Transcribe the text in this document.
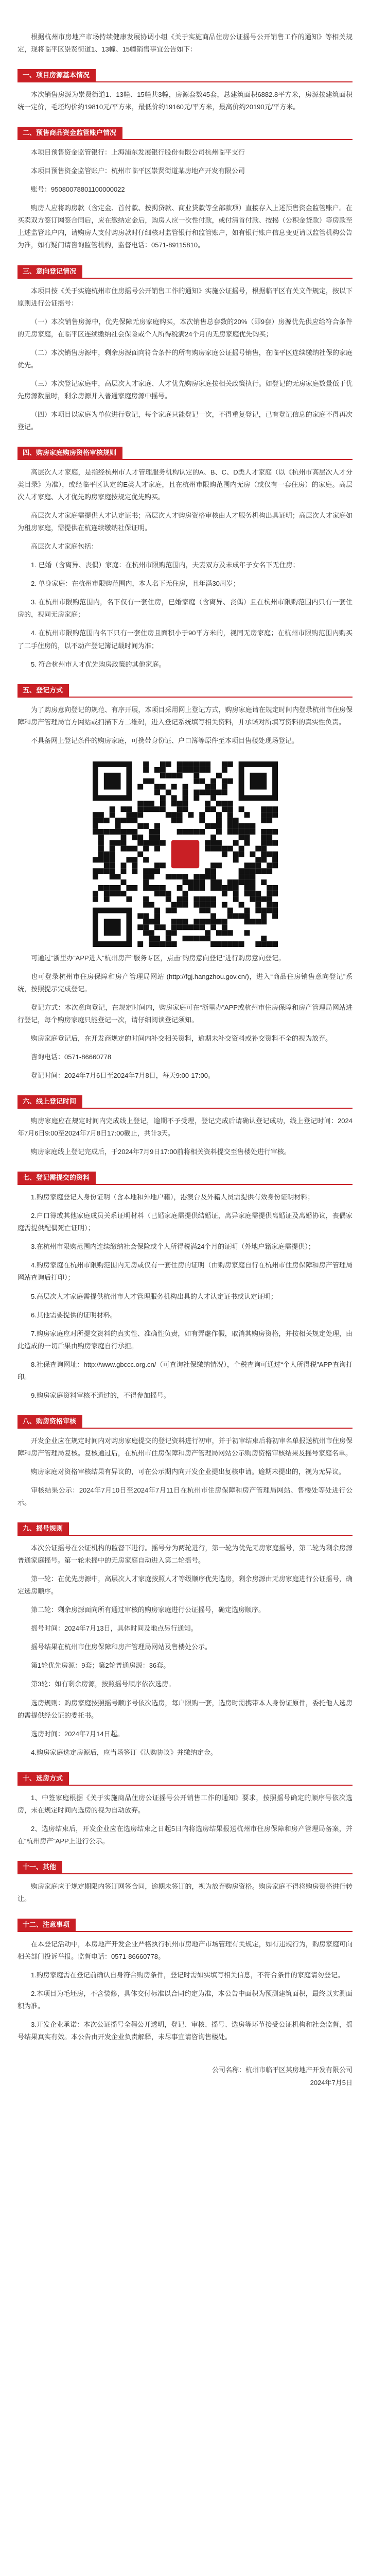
根据杭州市房地产市场持续健康发展协调小组《关于实施商品住房公证摇号公开销售工作的通知》等相关规定，现将临平区崇贤街道1、13幢、15幢销售事宜公告如下：

一、项目房源基本情况

本次销售房源为崇贤街道1、13幢、15幢共3幢，房源套数45套，总建筑面积6882.8平方米，房源按建筑面积统一定价，毛坯均价约19810元/平方米，最低价约19160元/平方米，最高价约20190元/平方米。

二、预售商品资金监管账户情况

本项目预售资金监管银行：上海浦东发展银行股份有限公司杭州临平支行

本项目预售资金监管账户：杭州市临平区崇贤街道某房地产开发有限公司

账号：95080078801100000022

购房人应将购房款（含定金、首付款、按揭贷款、商业贷款等全部款项）直接存入上述预售资金监管账户。在买卖双方签订网签合同后，应在缴纳定金后，购房人应一次性付款，或付清首付款、按揭（公积金贷款）等房款至上述监管账户内，请购房人支付购房款时仔细核对监管银行和监管账户，如有银行账户信息变更请以监管机构公告为准，如有疑问请咨询监管机构，监督电话：0571-89115810。

三、意向登记情况

本项目按《关于实施杭州市住房摇号公开销售工作的通知》实施公证摇号，根据临平区有关文件规定，按以下原则进行公证摇号：

（一）本次销售房源中，优先保障无房家庭购买，本次销售总套数的20%（即9套）房源优先供应给符合条件的无房家庭，在临平区连续缴纳社会保险或个人所得税满24个月的无房家庭优先购买；

（二）本次销售房源中，剩余房源面向符合条件的所有购房家庭公证摇号销售，在临平区连续缴纳社保的家庭优先。

（三）本次登记家庭中，高层次人才家庭、人才优先购房家庭按相关政策执行。如登记的无房家庭数量低于优先房源数量时，剩余房源并入普通家庭房源中摇号。

（四）本项目以家庭为单位进行登记，每个家庭只能登记一次，不得重复登记，已有登记信息的家庭不得再次登记。

四、购房家庭购房资格审核规则

高层次人才家庭，是指经杭州市人才管理服务机构认定的A、B、C、D类人才家庭（以《杭州市高层次人才分类目录》为准），或经临平区认定的E类人才家庭，且在杭州市限购范围内无房（或仅有一套住房）的家庭。高层次人才家庭、人才优先购房家庭按规定优先购买。

高层次人才家庭需提供人才认定证书；高层次人才购房资格审核由人才服务机构出具证明；高层次人才家庭如为租房家庭，需提供在杭连续缴纳社保证明。

高层次人才家庭包括：

1. 已婚（含离异、丧偶）家庭：在杭州市限购范围内，夫妻双方及未成年子女名下无住房；

2. 单身家庭：在杭州市限购范围内，本人名下无住房，且年满30周岁；

3. 在杭州市限购范围内，名下仅有一套住房，已婚家庭（含离异、丧偶）且在杭州市限购范围内只有一套住房的，视同无房家庭；

4. 在杭州市限购范围内名下只有一套住房且面积小于90平方米的，视同无房家庭；在杭州市限购范围内购买了二手住房的，以不动产登记簿记载时间为准；

5. 符合杭州市人才优先购房政策的其他家庭。

五、登记方式

为了购房意向登记的规范、有序开展，本项目采用网上登记方式，购房家庭请在规定时间内登录杭州市住房保障和房产管理局官方网站或扫描下方二维码，进入登记系统填写相关资料，并承诺对所填写资料的真实性负责。

不具备网上登记条件的购房家庭，可携带身份证、户口簿等原件至本项目售楼处现场登记。

可通过“浙里办”APP进入“杭州房产”服务专区，点击“购房意向登记”进行购房意向登记。

也可登录杭州市住房保障和房产管理局网站 (http://fgj.hangzhou.gov.cn/)，进入“商品住房销售意向登记”系统，按照提示完成登记。

登记方式：本次意向登记，在规定时间内，购房家庭可在“浙里办”APP或杭州市住房保障和房产管理局网站进行登记，每个购房家庭只能登记一次，请仔细阅读登记须知。

购房家庭登记后，在开发商规定的时间内补交相关资料，逾期未补交资料或补交资料不全的视为放弃。

咨询电话：0571-86660778

登记时间：2024年7月6日至2024年7月8日，每天9:00-17:00。

六、线上登记时间

购房家庭应在规定时间内完成线上登记，逾期不予受理，登记完成后请确认登记成功，线上登记时间：2024年7月6日9:00至2024年7月8日17:00截止，共计3天。

购房家庭线上登记完成后，于2024年7月9日17:00前将相关资料提交至售楼处进行审核。

七、登记需提交的资料

1.购房家庭登记人身份证明（含本地和外地户籍），港澳台及外籍人员需提供有效身份证明材料；

2.户口簿或其他家庭成员关系证明材料（已婚家庭需提供结婚证，离异家庭需提供离婚证及离婚协议，丧偶家庭需提供配偶死亡证明）；

3.在杭州市限购范围内连续缴纳社会保险或个人所得税满24个月的证明（外地户籍家庭需提供）；

4.购房家庭在杭州市限购范围内无房或仅有一套住房的证明（由购房家庭自行在杭州市住房保障和房产管理局网站查询后打印）；

5.高层次人才家庭需提供杭州市人才管理服务机构出具的人才认定证书或认定证明；

6.其他需要提供的证明材料。

7.购房家庭应对所提交资料的真实性、准确性负责，如有弄虚作假，取消其购房资格，并按相关规定处理，由此造成的一切后果由购房家庭自行承担。

8.社保查询网址：http://www.gbccc.org.cn/（可查询社保缴纳情况），个税查询可通过“个人所得税”APP查询打印。

9.购房家庭资料审核不通过的，不得参加摇号。

八、购房资格审核

开发企业应在规定时间内对购房家庭提交的登记资料进行初审，并于初审结束后将初审名单报送杭州市住房保障和房产管理局复核。复核通过后，在杭州市住房保障和房产管理局网站公示购房资格审核结果及摇号家庭名单。

购房家庭对资格审核结果有异议的，可在公示期内向开发企业提出复核申请。逾期未提出的，视为无异议。

审核结果公示：2024年7月10日至2024年7月11日在杭州市住房保障和房产管理局网站、售楼处等处进行公示。

九、摇号规则

本次公证摇号在公证机构的监督下进行。摇号分为两轮进行，第一轮为优先无房家庭摇号，第二轮为剩余房源普通家庭摇号。第一轮未摇中的无房家庭自动进入第二轮摇号。

第一轮：在优先房源中，高层次人才家庭按照人才等级顺序优先选房，剩余房源由无房家庭进行公证摇号，确定选房顺序。

第二轮：剩余房源面向所有通过审核的购房家庭进行公证摇号，确定选房顺序。

摇号时间：2024年7月13日，具体时间及地点另行通知。

摇号结果在杭州市住房保障和房产管理局网站及售楼处公示。

第1轮优先房源：9套；第2轮普通房源：36套。

第3轮：如有剩余房源，按照摇号顺序依次选房。

选房规则：购房家庭按照摇号顺序号依次选房，每户限购一套，选房时需携带本人身份证原件，委托他人选房的需提供经公证的委托书。

选房时间：2024年7月14日起。

4.购房家庭选定房源后，应当场签订《认购协议》并缴纳定金。

十、选房方式

1、中签家庭根据《关于实施商品住房公证摇号公开销售工作的通知》要求，按照摇号确定的顺序号依次选房，未在规定时间内选房的视为自动放弃。

2、选房结束后，开发企业应在选房结束之日起5日内将选房结果报送杭州市住房保障和房产管理局备案，并在“杭州房产”APP上进行公示。

十一、其他

购房家庭应于规定期限内签订网签合同，逾期未签订的，视为放弃购房资格。购房家庭不得将购房资格进行转让。

十二、注意事项

在本登记活动中，本房地产开发企业严格执行杭州市房地产市场管理有关规定，如有违规行为，购房家庭可向相关部门投诉举报。监督电话：0571-86660778。

1.购房家庭需在登记前确认自身符合购房条件，登记时需如实填写相关信息，不符合条件的家庭请勿登记。

2.本项目为毛坯房，不含装修，具体交付标准以合同约定为准，本公告中面积为预测建筑面积，最终以实测面积为准。

3.开发企业承诺：本次公证摇号全程公开透明，登记、审核、摇号、选房等环节接受公证机构和社会监督，摇号结果真实有效。本公告由开发企业负责解释，未尽事宜请咨询售楼处。

公司名称：杭州市临平区某房地产开发有限公司
2024年7月5日
